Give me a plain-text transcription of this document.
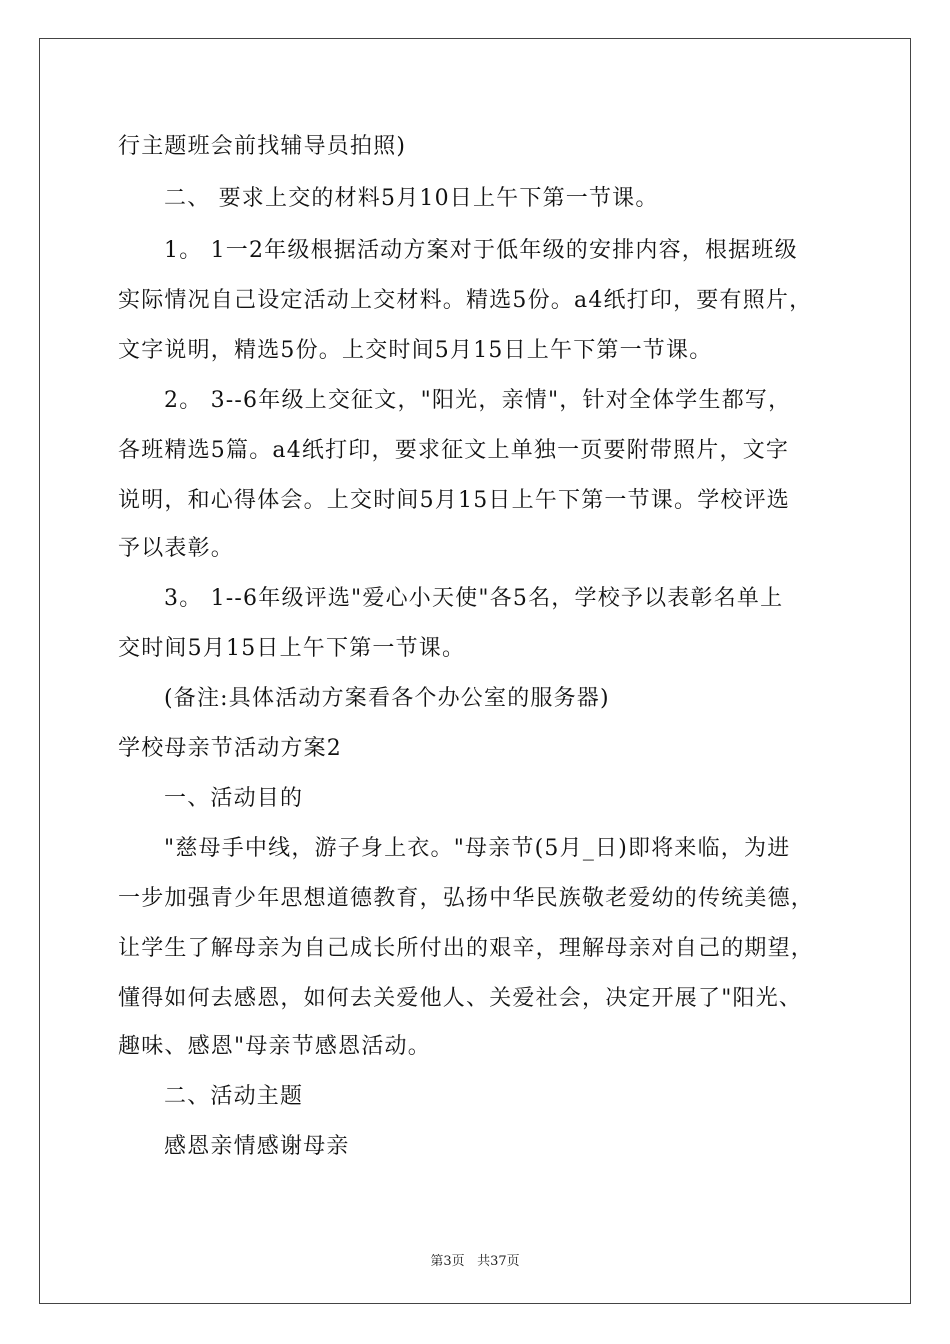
行主题班会前找辅导员拍照)
二、 要求上交的材料5月10日上午下第一节课。
1。 1一2年级根据活动方案对于低年级的安排内容，根据班级
实际情况自己设定活动上交材料。精选5份。a4纸打印，要有照片，
文字说明，精选5份。上交时间5月15日上午下第一节课。
2。 3--6年级上交征文，"阳光，亲情"，针对全体学生都写，
各班精选5篇。a4纸打印，要求征文上单独一页要附带照片，文字
说明，和心得体会。上交时间5月15日上午下第一节课。学校评选
予以表彰。
3。 1--6年级评选"爱心小天使"各5名，学校予以表彰名单上
交时间5月15日上午下第一节课。
(备注:具体活动方案看各个办公室的服务器)
学校母亲节活动方案2
一、活动目的
"慈母手中线，游子身上衣。"母亲节(5月_日)即将来临，为进
一步加强青少年思想道德教育，弘扬中华民族敬老爱幼的传统美德，
让学生了解母亲为自己成长所付出的艰辛，理解母亲对自己的期望，
懂得如何去感恩，如何去关爱他人、关爱社会，决定开展了"阳光、
趣味、感恩"母亲节感恩活动。
二、活动主题
感恩亲情感谢母亲
第3页 共37页
